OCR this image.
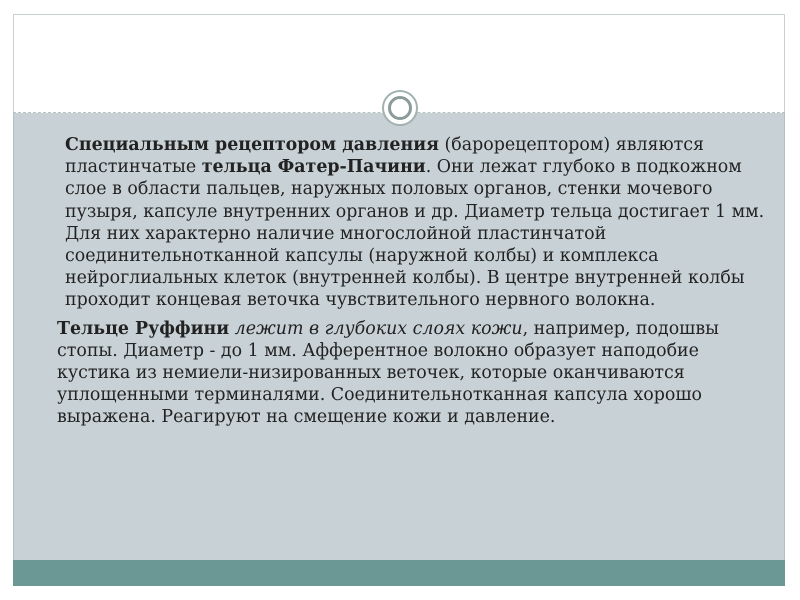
Специальным рецептором давления (барорецептором) являются пластинчатые тельца Фатер-Пачини. Они лежат глубоко в подкожном слое в области пальцев, наружных половых органов, стенки мочевого пузыря, капсуле внутренних органов и др. Диаметр тельца достигает 1 мм. Для них характерно наличие многослойной пластинчатой соединительнотканной капсулы (наружной колбы) и комплекса нейроглиальных клеток (внутренней колбы). В центре внутренней колбы проходит концевая веточка чувствительного нервного волокна.

Тельце Руффини лежит в глубоких слоях кожи, например, подошвы стопы. Диаметр - до 1 мм. Афферентное волокно образует наподобие кустика из немиели-низированных веточек, которые оканчиваются уплощенными терминалями. Соединительнотканная капсула хорошо выражена. Реагируют на смещение кожи и давление.
